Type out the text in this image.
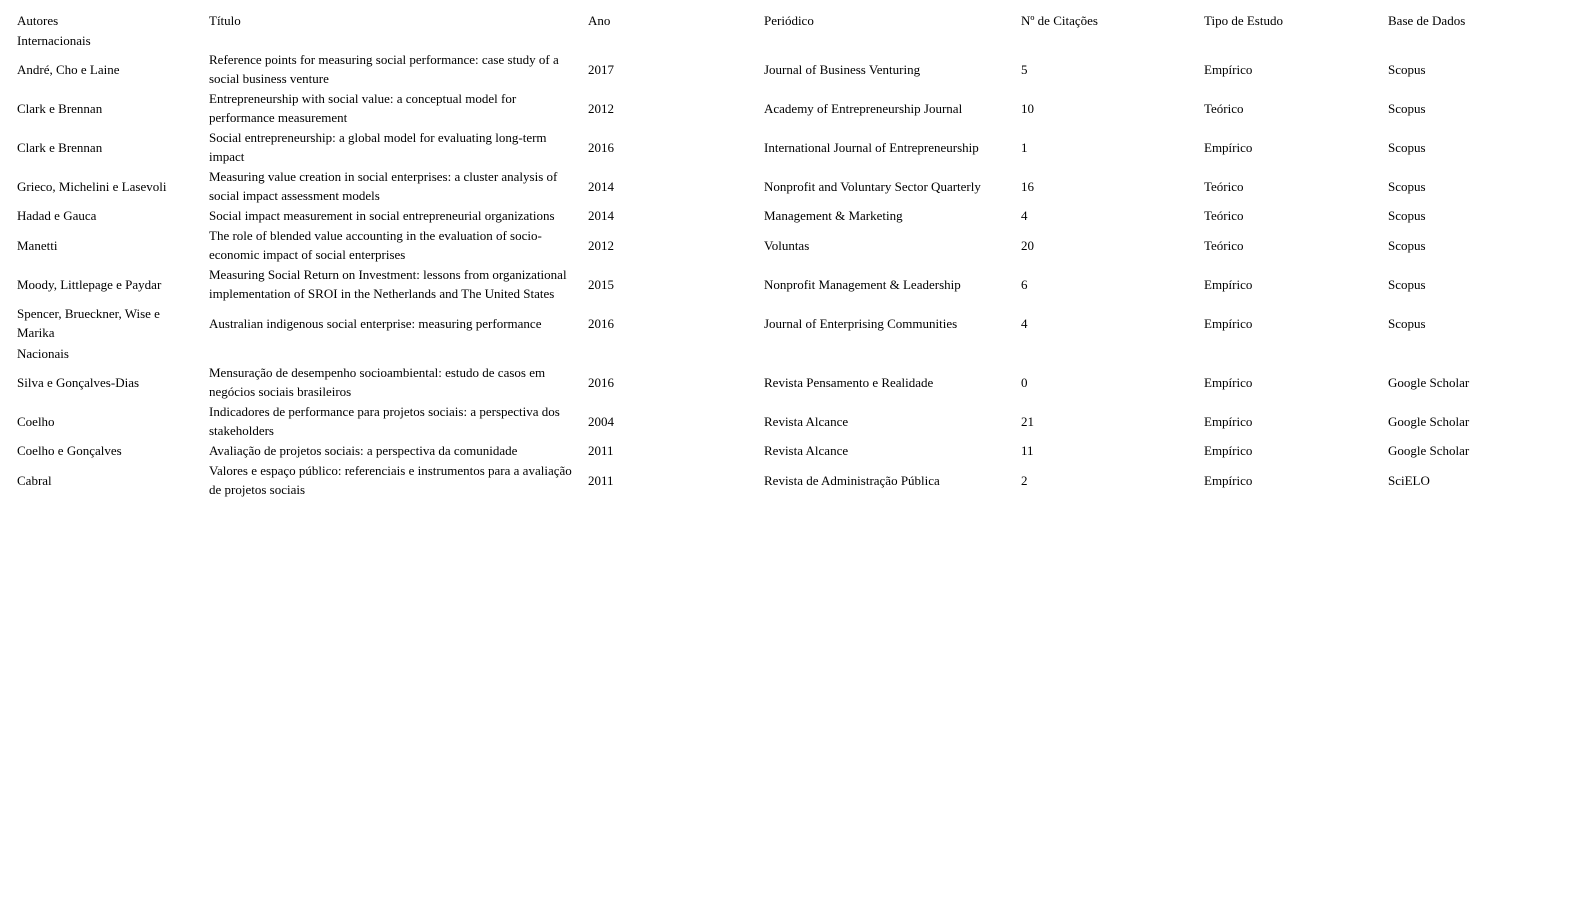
Autores	Título	Ano	Periódico	Nº de Citações	Tipo de Estudo	Base de Dados
Internacionais						
André, Cho e Laine	Reference points for measuring social performance: case study of a social business venture	2017	Journal of Business Venturing	5	Empírico	Scopus
Clark e Brennan	Entrepreneurship with social value: a conceptual model for performance measurement	2012	Academy of Entrepreneurship Journal	10	Teórico	Scopus
Clark e Brennan	Social entrepreneurship: a global model for evaluating long-term impact	2016	International Journal of Entrepreneurship	1	Empírico	Scopus
Grieco, Michelini e Lasevoli	Measuring value creation in social enterprises: a cluster analysis of social impact assessment models	2014	Nonprofit and Voluntary Sector Quarterly	16	Teórico	Scopus
Hadad e Gauca	Social impact measurement in social entrepreneurial organizations	2014	Management & Marketing	4	Teórico	Scopus
Manetti	The role of blended value accounting in the evaluation of socio-economic impact of social enterprises	2012	Voluntas	20	Teórico	Scopus
Moody, Littlepage e Paydar	Measuring Social Return on Investment: lessons from organizational implementation of SROI in the Netherlands and The United States	2015	Nonprofit Management & Leadership	6	Empírico	Scopus
Spencer, Brueckner, Wise e Marika	Australian indigenous social enterprise: measuring performance	2016	Journal of Enterprising Communities	4	Empírico	Scopus
Nacionais						
Silva e Gonçalves-Dias	Mensuração de desempenho socioambiental: estudo de casos em negócios sociais brasileiros	2016	Revista Pensamento e Realidade	0	Empírico	Google Scholar
Coelho	Indicadores de performance para projetos sociais: a perspectiva dos stakeholders	2004	Revista Alcance	21	Empírico	Google Scholar
Coelho e Gonçalves	Avaliação de projetos sociais: a perspectiva da comunidade	2011	Revista Alcance	11	Empírico	Google Scholar
Cabral	Valores e espaço público: referenciais e instrumentos para a avaliação de projetos sociais	2011	Revista de Administração Pública	2	Empírico	SciELO
